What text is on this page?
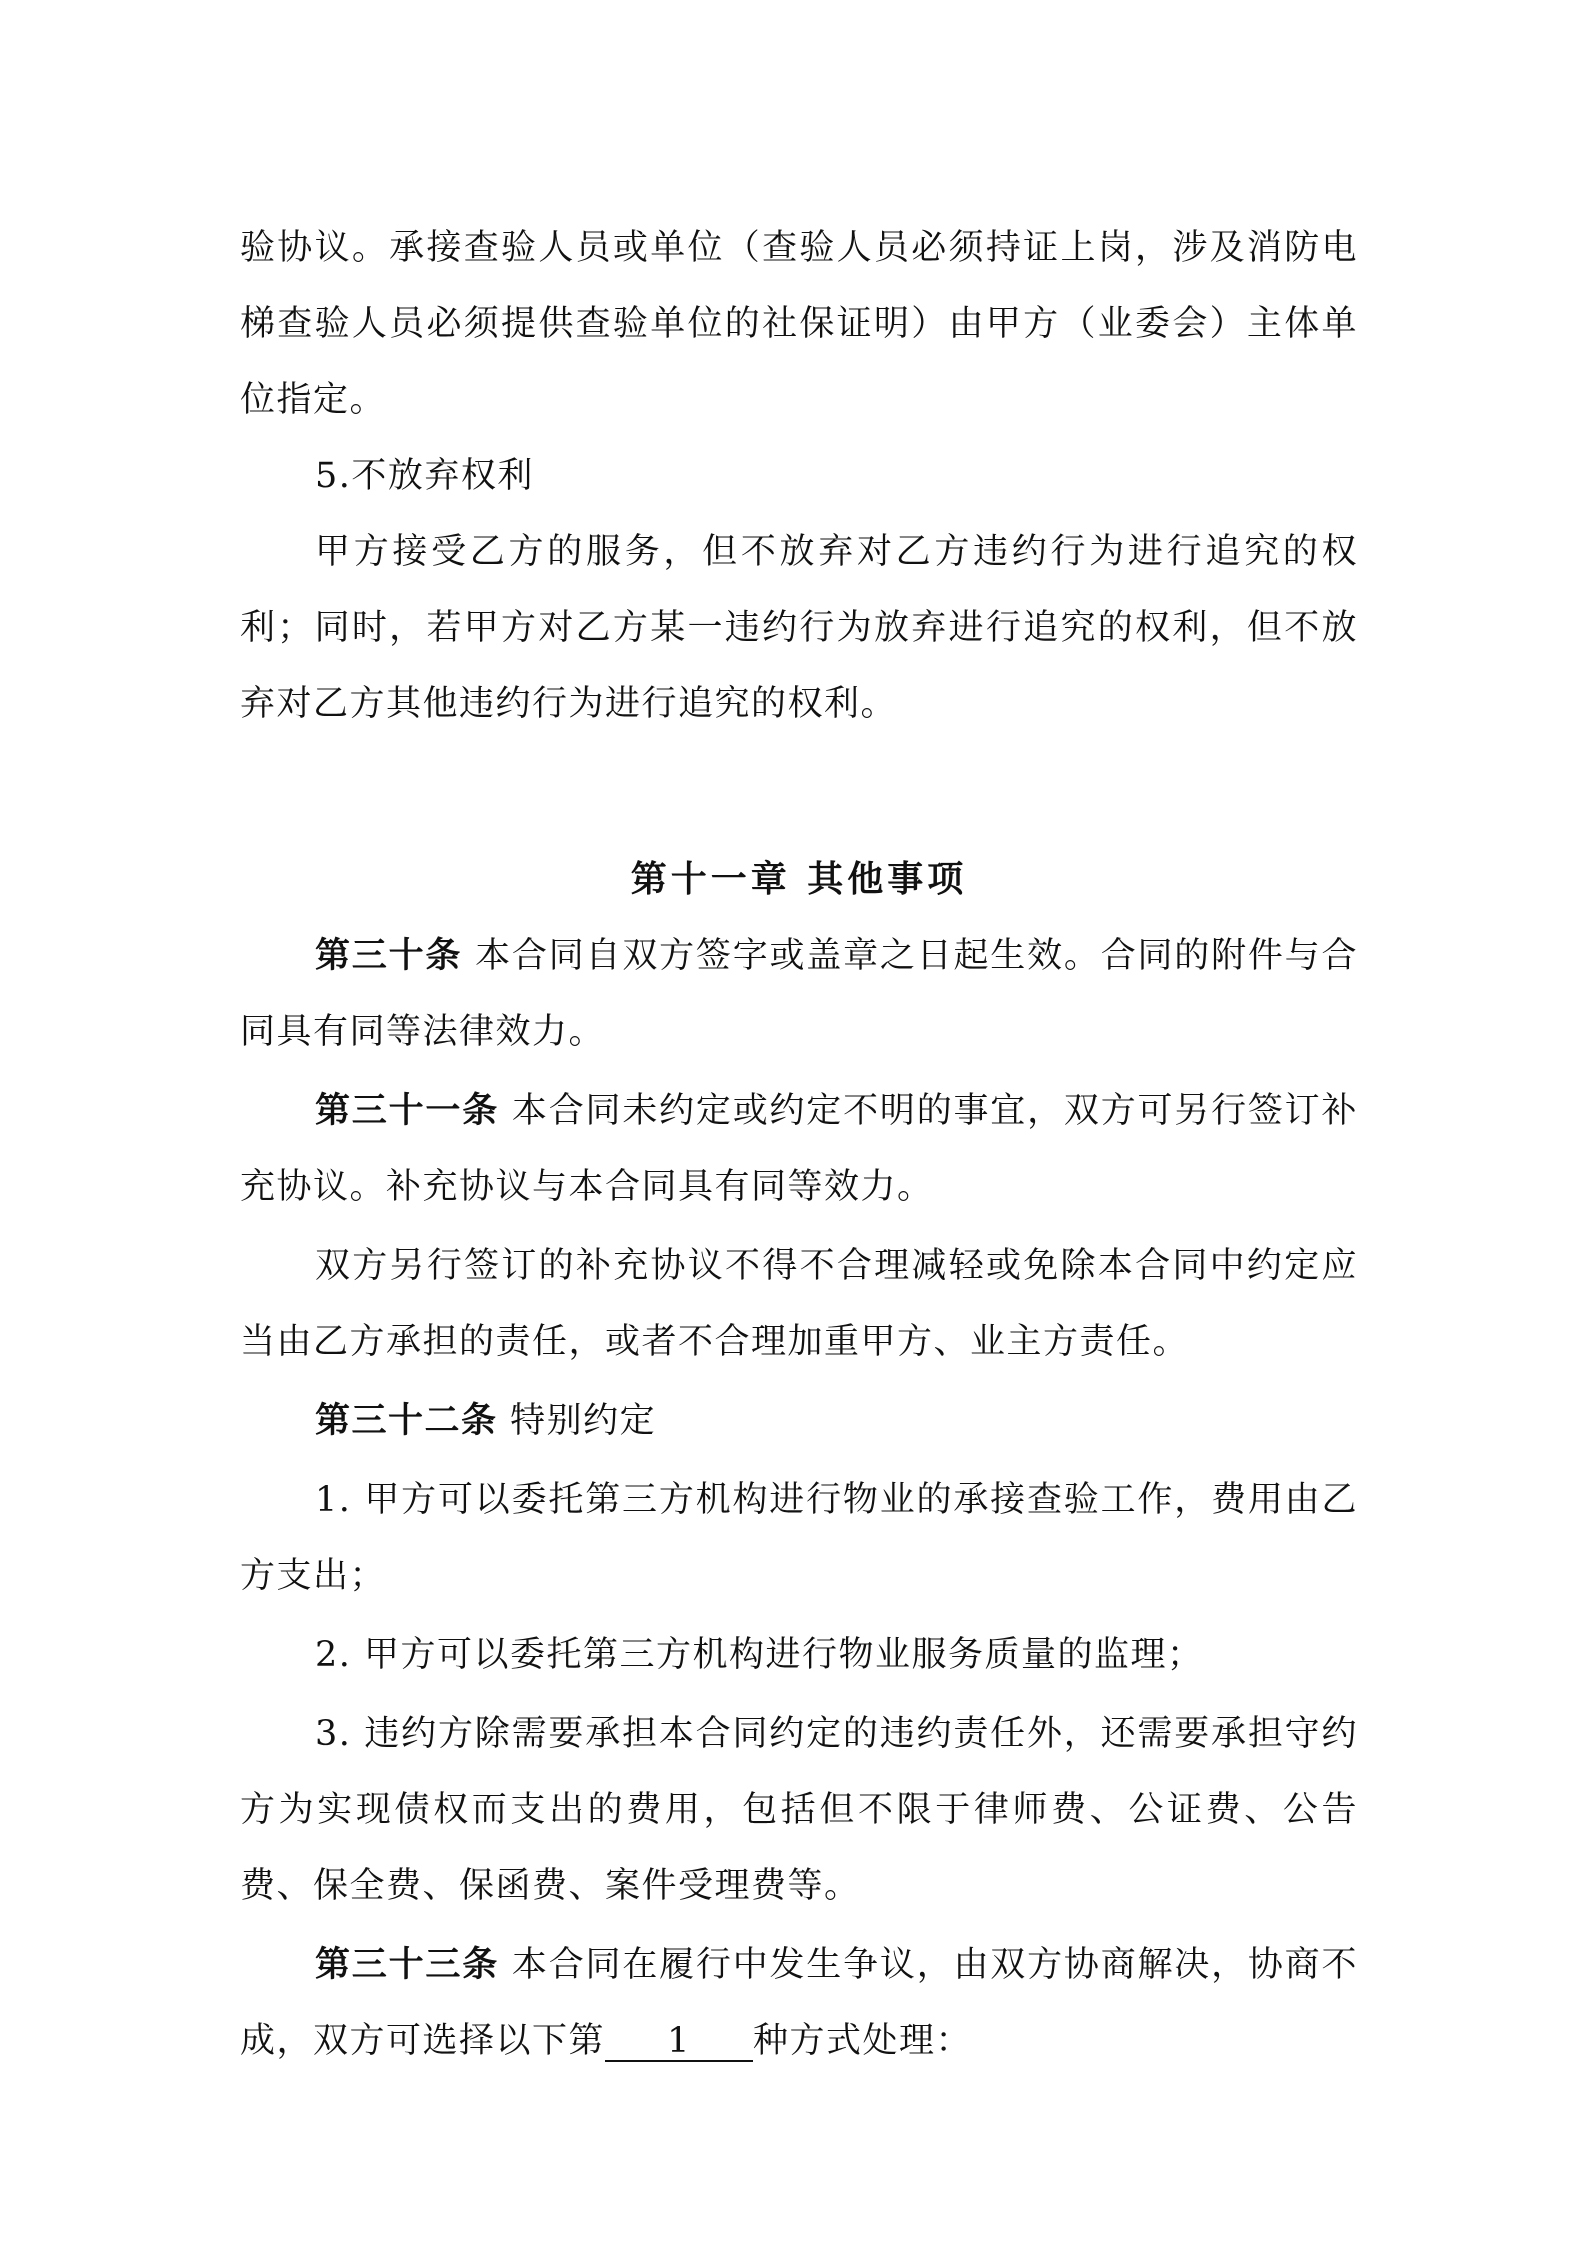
验协议。承接查验人员或单位（查验人员必须持证上岗，涉及消防电梯查验人员必须提供查验单位的社保证明）由甲方（业委会）主体单位指定。

5.不放弃权利

甲方接受乙方的服务，但不放弃对乙方违约行为进行追究的权利；同时，若甲方对乙方某一违约行为放弃进行追究的权利，但不放弃对乙方其他违约行为进行追究的权利。

第十一章 其他事项

第三十条 本合同自双方签字或盖章之日起生效。合同的附件与合同具有同等法律效力。

第三十一条 本合同未约定或约定不明的事宜，双方可另行签订补充协议。补充协议与本合同具有同等效力。

双方另行签订的补充协议不得不合理减轻或免除本合同中约定应当由乙方承担的责任，或者不合理加重甲方、业主方责任。

第三十二条 特别约定

1. 甲方可以委托第三方机构进行物业的承接查验工作，费用由乙方支出；

2. 甲方可以委托第三方机构进行物业服务质量的监理；

3. 违约方除需要承担本合同约定的违约责任外，还需要承担守约方为实现债权而支出的费用，包括但不限于律师费、公证费、公告费、保全费、保函费、案件受理费等。

第三十三条 本合同在履行中发生争议，由双方协商解决，协商不成，双方可选择以下第 1 种方式处理：
